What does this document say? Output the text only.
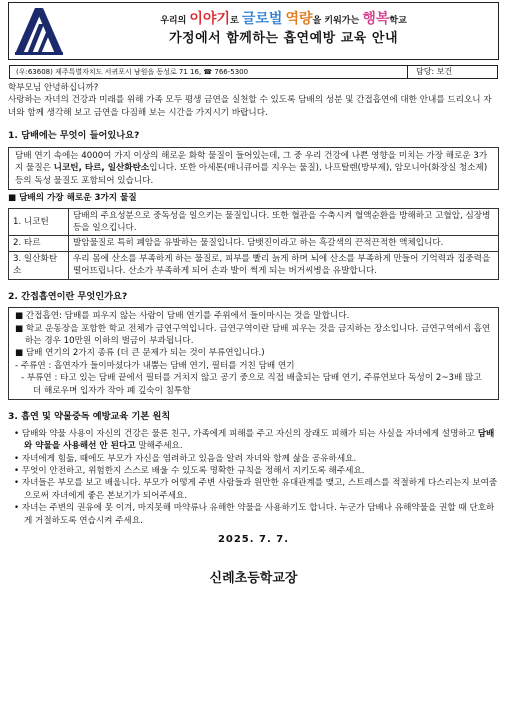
우리의 이야기로 글로벌 역량을 키워가는 행복학교
가정에서 함께하는 흡연예방 교육 안내
(우:63608) 제주특별자치도 서귀포시 남원읍 동성로 71 16, ☎ 766-5300	담당: 보건

학부모님 안녕하십니까?

사랑하는 자녀의 건강과 미래를 위해 가족 모두 평생 금연을 실천할 수 있도록 담배의 성분 및 간접흡연에 대한 안내를 드리오니 자녀와 함께 생각해 보고 금연을 다짐해 보는 시간을 가지시기 바랍니다.

1. 담배에는 무엇이 들어있나요?
담배 연기 속에는 4000여 가지 이상의 해로운 화학 물질이 들어있는데, 그 중 우리 건강에 나쁜 영향을 미치는 가장 해로운 3가지 물질은 니코틴, 타르, 일산화탄소입니다. 또한 아세톤(매니큐어를 지우는 물질), 나프탈렌(방부제), 암모니아(화장실 청소제) 등의 독성 물질도 포함되어 있습니다.
■ 담배의 가장 해로운 3가지 물질
1. 니코틴	담배의 주요성분으로 중독성을 일으키는 물질입니다. 또한 혈관을 수축시켜 혈액순환을 방해하고 고혈압, 심장병 등을 일으킵니다.
2. 타르	발암물질로 특히 폐암을 유발하는 물질입니다. 담뱃진이라고 하는 흑갈색의 끈적끈적한 액체입니다.
3. 일산화탄소	우리 몸에 산소를 부족하게 하는 물질로, 피부를 빨리 늙게 하며 뇌에 산소를 부족하게 만들어 기억력과 집중력을 떨어뜨립니다. 산소가 부족하게 되어 손과 발이 썩게 되는 버거씨병을 유발합니다.
2. 간접흡연이란 무엇인가요?
■ 간접흡연: 담배를 피우지 않는 사람이 담배 연기를 주위에서 들이마시는 것을 말합니다.
■ 학교 운동장을 포함한 학교 전체가 금연구역입니다. 금연구역이란 담배 피우는 것을 금지하는 장소입니다. 금연구역에서 흡연하는 경우 10만원 이하의 벌금이 부과됩니다.
■ 담배 연기의 2가지 종류 (더 큰 문제가 되는 것이 부류연입니다.)
- 주류연 : 흡연자가 들이마셨다가 내뿜는 담배 연기, 필터를 거친 담배 연기
- 부류연 : 타고 있는 담배 끝에서 필터를 거치지 않고 공기 중으로 직접 배출되는 담배 연기, 주류연보다 독성이 2~3배 많고 더 해로우며 입자가 작아 폐 깊숙이 침투함
3. 흡연 및 약물중독 예방교육 기본 원칙
• 담배와 약물 사용이 자신의 건강은 물론 친구, 가족에게 피해를 주고 자신의 장래도 피해가 되는 사실을 자녀에게 설명하고 담배와 약물을 사용해선 안 된다고 말해주세요.
• 자녀에게 힘듦, 때에도 부모가 자신을 염려하고 있음을 알려 자녀와 함께 삶을 공유하세요.
• 무엇이 안전하고, 위험한지 스스로 배울 수 있도록 명확한 규칙을 정해서 지키도록 해주세요.
• 자녀들은 부모를 보고 배웁니다. 부모가 어떻게 주변 사람들과 원만한 유대관계를 맺고, 스트레스를 적절하게 다스리는지 보여줌으로써 자녀에게 좋은 본보기가 되어주세요.
• 자녀는 주변의 권유에 못 이겨, 마지못해 마약류나 유해한 약물을 사용하기도 합니다. 누군가 담배나 유해약물을 권할 때 단호하게 거절하도록 연습시켜 주세요.
2025. 7. 7.
신례초등학교장
